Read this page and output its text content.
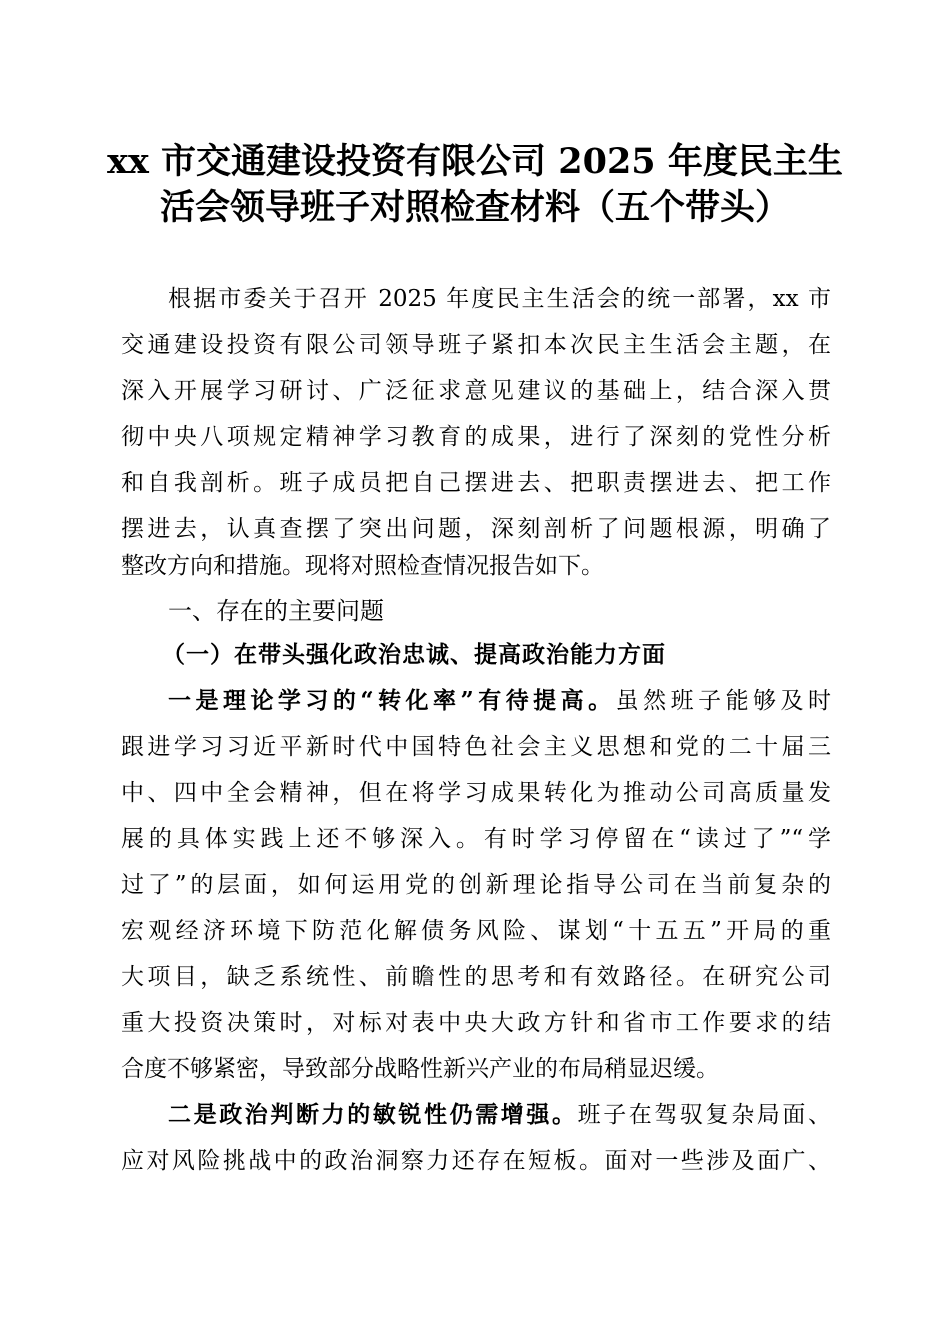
xx 市交通建设投资有限公司 2025 年度民主生
活会领导班子对照检查材料（五个带头）
根据市委关于召开 2025 年度民主生活会的统一部署，xx 市
交通建设投资有限公司领导班子紧扣本次民主生活会主题，在
深入开展学习研讨、广泛征求意见建议的基础上，结合深入贯
彻中央八项规定精神学习教育的成果，进行了深刻的党性分析
和自我剖析。班子成员把自己摆进去、把职责摆进去、把工作
摆进去，认真查摆了突出问题，深刻剖析了问题根源，明确了
整改方向和措施。现将对照检查情况报告如下。
一、存在的主要问题
（一）在带头强化政治忠诚、提高政治能力方面
一是理论学习的“转化率”有待提高。虽然班子能够及时
跟进学习习近平新时代中国特色社会主义思想和党的二十届三
中、四中全会精神，但在将学习成果转化为推动公司高质量发
展的具体实践上还不够深入。有时学习停留在“读过了”“学
过了”的层面，如何运用党的创新理论指导公司在当前复杂的
宏观经济环境下防范化解债务风险、谋划“十五五”开局的重
大项目，缺乏系统性、前瞻性的思考和有效路径。在研究公司
重大投资决策时，对标对表中央大政方针和省市工作要求的结
合度不够紧密，导致部分战略性新兴产业的布局稍显迟缓。
二是政治判断力的敏锐性仍需增强。班子在驾驭复杂局面、
应对风险挑战中的政治洞察力还存在短板。面对一些涉及面广、
